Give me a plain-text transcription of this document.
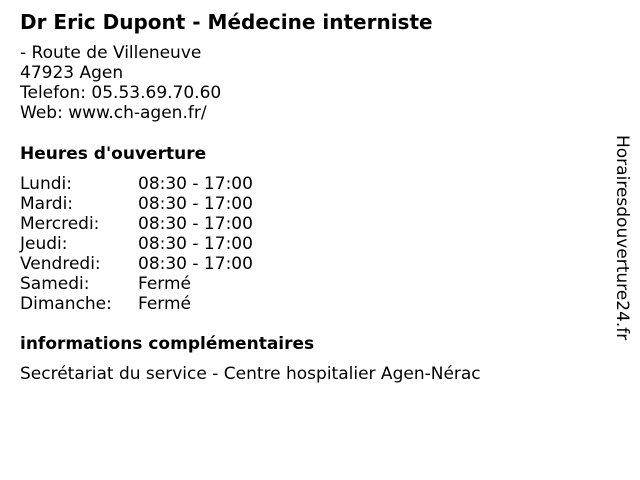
Dr Eric Dupont - Médecine interniste
- Route de Villeneuve
47923 Agen
Telefon: 05.53.69.70.60
Web: www.ch-agen.fr/
Heures d'ouverture
Lundi:	08:30 - 17:00
Mardi:	08:30 - 17:00
Mercredi: 08:30 - 17:00
Jeudi:	08:30 - 17:00
Vendredi: 08:30 - 17:00
Samedi:	Fermé
Dimanche: Fermé
informations complémentaires
Secrétariat du service - Centre hospitalier Agen-Nérac
Horairesdouverture24.fr
